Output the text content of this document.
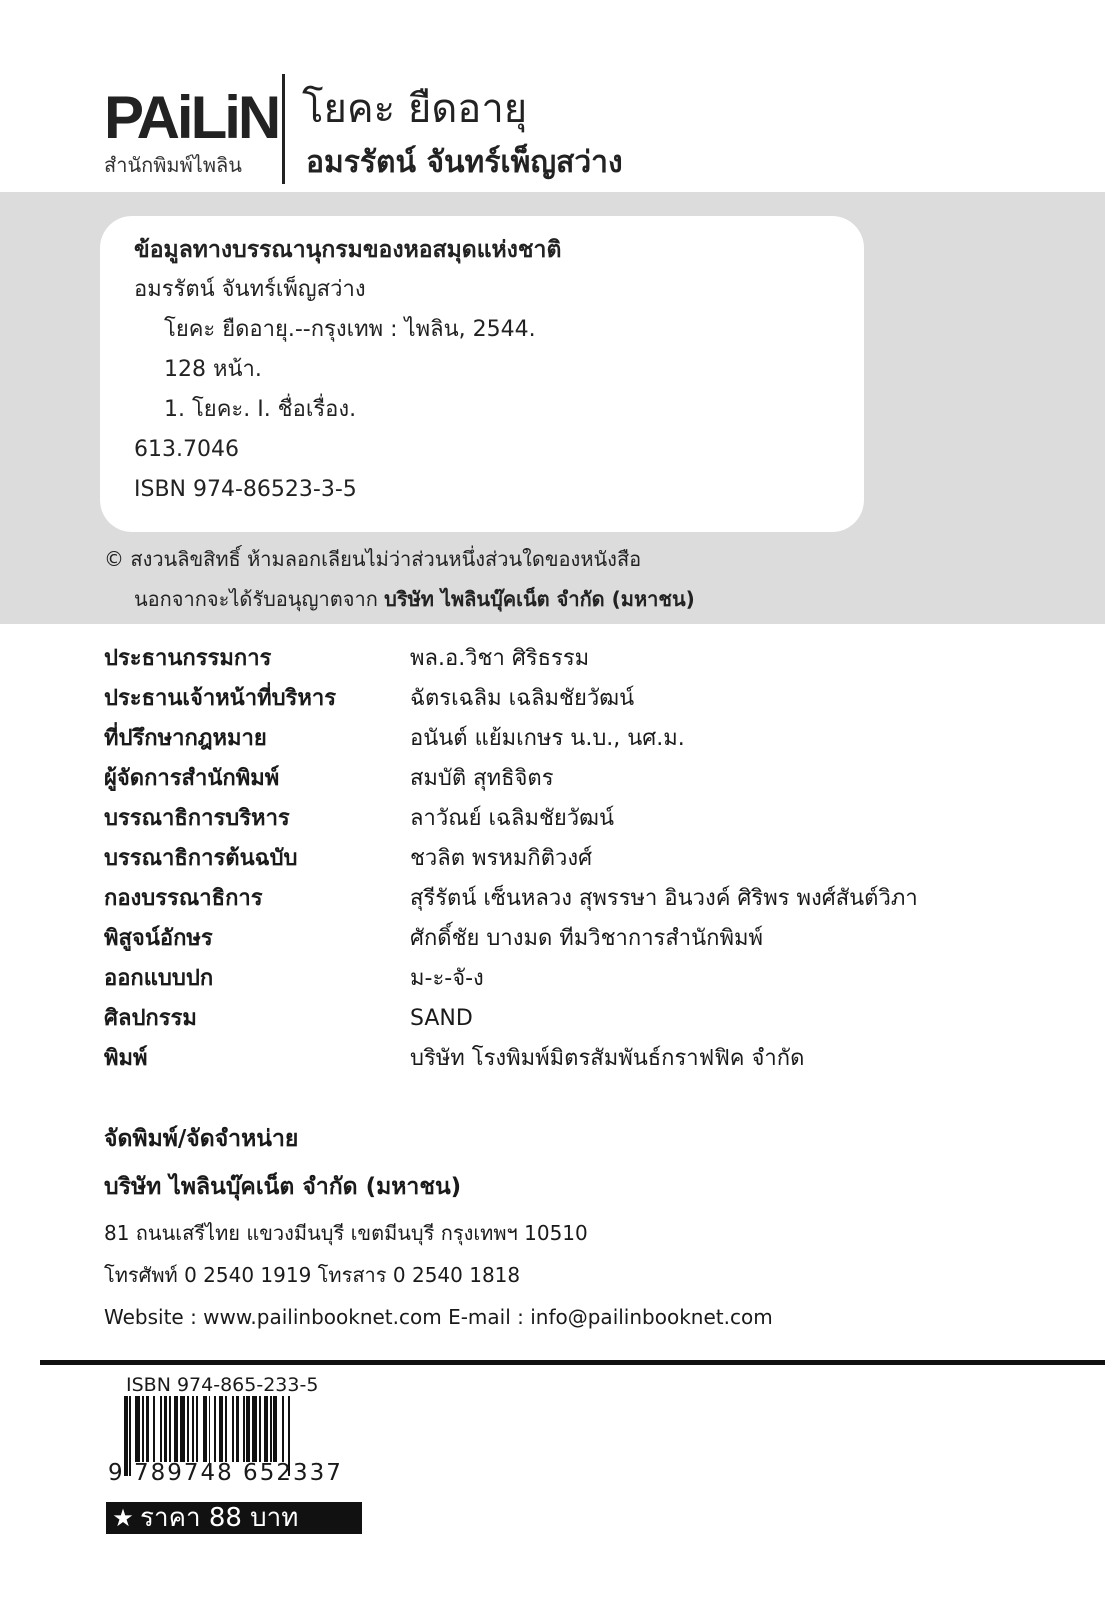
PAiLiN
สำนักพิมพ์ไพลิน
โยคะ ยืดอายุ
อมรรัตน์ จันทร์เพ็ญสว่าง
ข้อมูลทางบรรณานุกรมของหอสมุดแห่งชาติ
อมรรัตน์ จันทร์เพ็ญสว่าง
โยคะ ยืดอายุ.--กรุงเทพ : ไพลิน, 2544.
128 หน้า.
1. โยคะ. I. ชื่อเรื่อง.
613.7046
ISBN 974-86523-3-5
© สงวนลิขสิทธิ์ ห้ามลอกเลียนไม่ว่าส่วนหนึ่งส่วนใดของหนังสือ
นอกจากจะได้รับอนุญาตจาก บริษัท ไพลินบุ๊คเน็ต จำกัด (มหาชน)
ประธานกรรมการ	พล.อ.วิชา ศิริธรรม
ประธานเจ้าหน้าที่บริหาร	ฉัตรเฉลิม เฉลิมชัยวัฒน์
ที่ปรึกษากฎหมาย	อนันต์ แย้มเกษร น.บ., นศ.ม.
ผู้จัดการสำนักพิมพ์	สมบัติ สุทธิจิตร
บรรณาธิการบริหาร	ลาวัณย์ เฉลิมชัยวัฒน์
บรรณาธิการต้นฉบับ	ชวลิต พรหมกิติวงศ์
กองบรรณาธิการ	สุรีรัตน์ เซ็นหลวง สุพรรษา อินวงค์ ศิริพร พงศ์สันต์วิภา
พิสูจน์อักษร	ศักดิ์ชัย บางมด ทีมวิชาการสำนักพิมพ์
ออกแบบปก	ม-ะ-จั-ง
ศิลปกรรม	SAND
พิมพ์	บริษัท โรงพิมพ์มิตรสัมพันธ์กราฟฟิค จำกัด
จัดพิมพ์/จัดจำหน่าย
บริษัท ไพลินบุ๊คเน็ต จำกัด (มหาชน)
81 ถนนเสรีไทย แขวงมีนบุรี เขตมีนบุรี กรุงเทพฯ 10510
โทรศัพท์ 0 2540 1919 โทรสาร 0 2540 1818
Website : www.pailinbooknet.com E-mail : info@pailinbooknet.com
ISBN 974-865-233-5
9 789748 652337
★ ราคา 88 บาท
